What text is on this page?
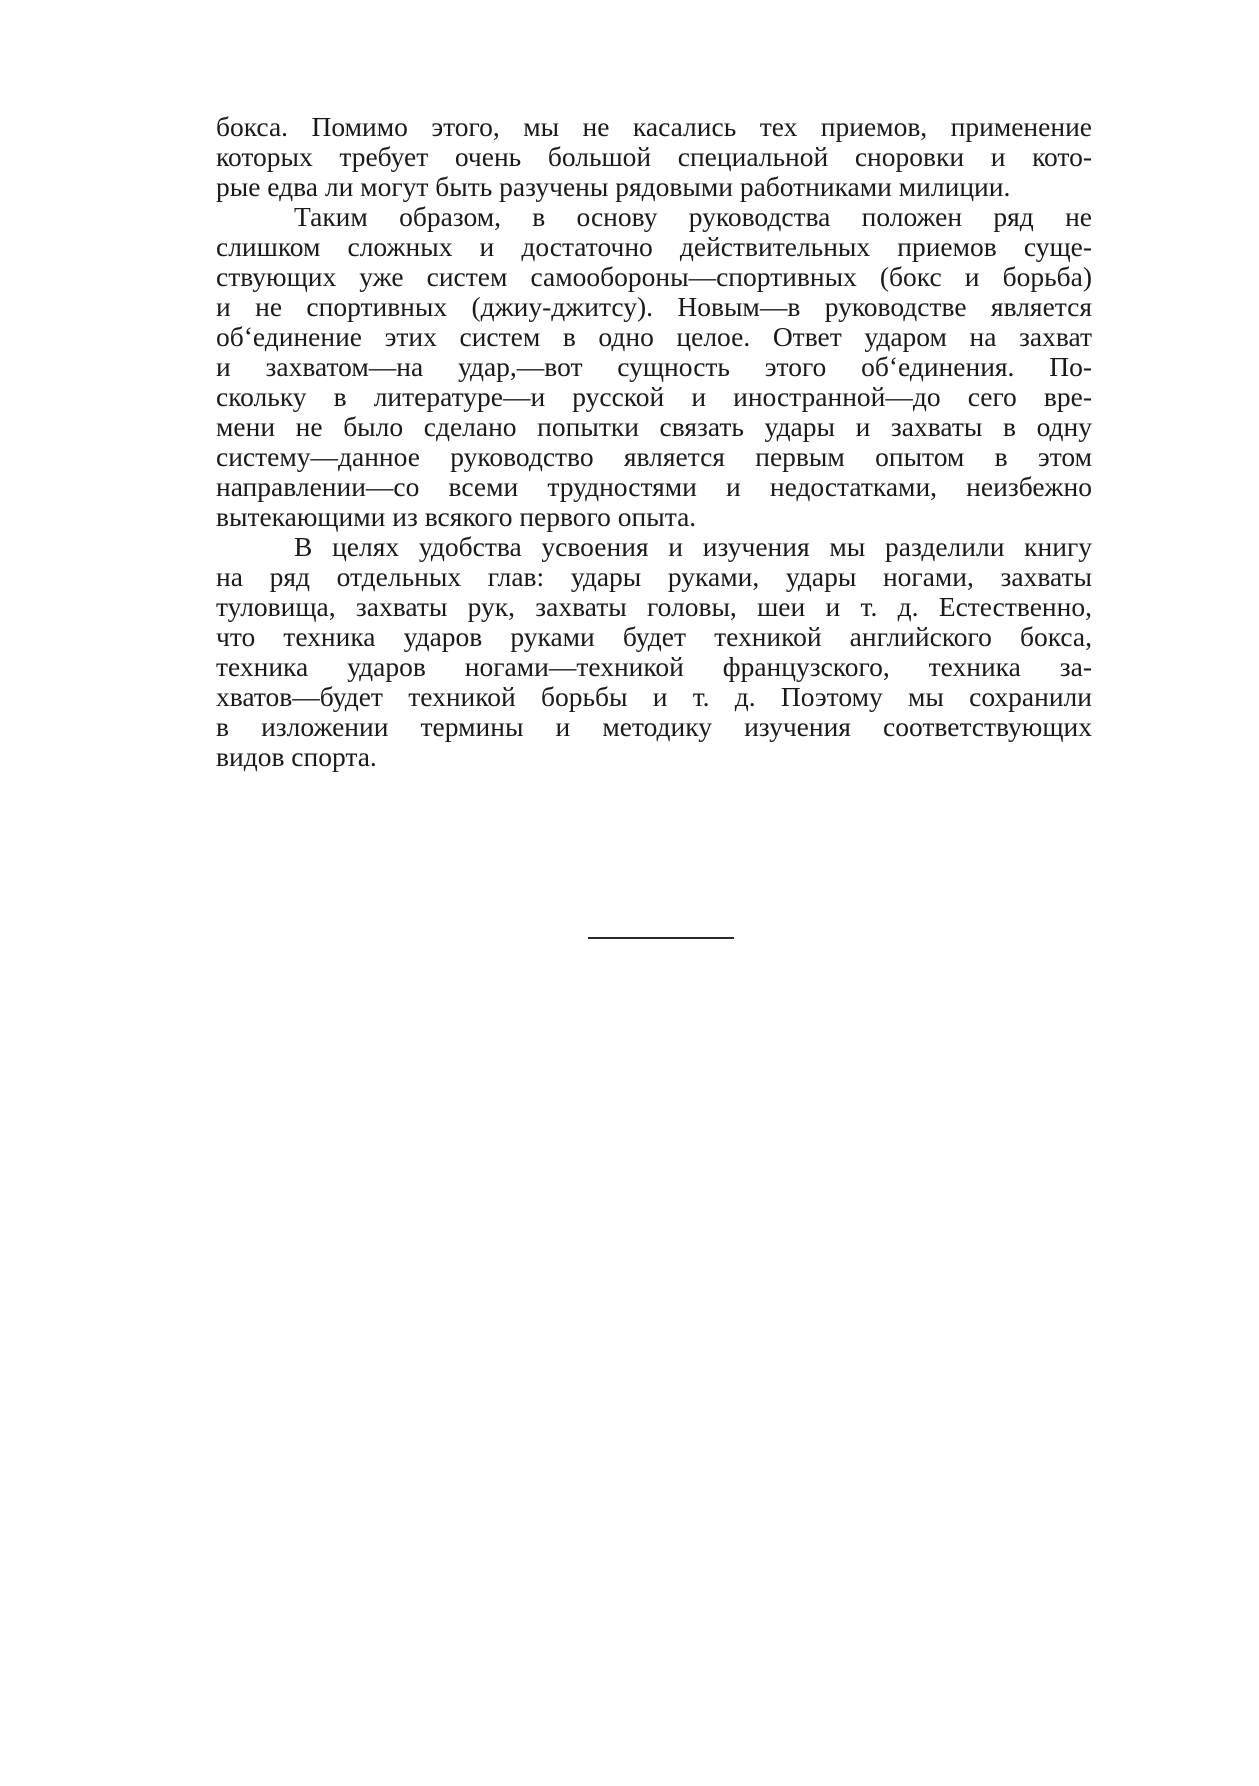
бокса. Помимо этого, мы не касались тех приемов, применение
которых требует очень большой специальной сноровки и кото-
рые едва ли могут быть разучены рядовыми работниками милиции.
Таким образом, в основу руководства положен ряд не
слишком сложных и достаточно действительных приемов суще-
ствующих уже систем самообороны—спортивных (бокс и борьба)
и не спортивных (джиу-джитсу). Новым—в руководстве является
об‘единение этих систем в одно целое. Ответ ударом на захват
и захватом—на удар,—вот сущность этого об‘единения. По-
скольку в литературе—и русской и иностранной—до сего вре-
мени не было сделано попытки связать удары и захваты в одну
систему—данное руководство является первым опытом в этом
направлении—со всеми трудностями и недостатками, неизбежно
вытекающими из всякого первого опыта.
В целях удобства усвоения и изучения мы разделили книгу
на ряд отдельных глав: удары руками, удары ногами, захваты
туловища, захваты рук, захваты головы, шеи и т. д. Естественно,
что техника ударов руками будет техникой английского бокса,
техника ударов ногами—техникой французского, техника за-
хватов—будет техникой борьбы и т. д. Поэтому мы сохранили
в изложении термины и методику изучения соответствующих
видов спорта.
